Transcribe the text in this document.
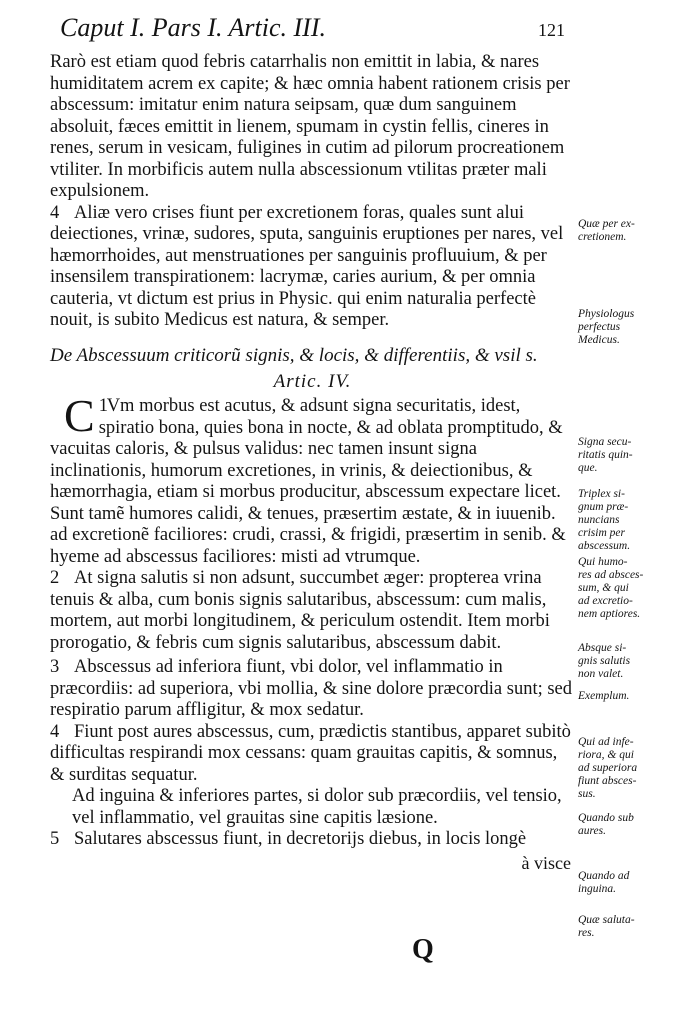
Caput I. Pars I. Artic. III.	121

Rarò est etiam quod febris catarrhalis non emittit in labia, & nares humiditatem acrem ex capite; & hæc omnia habent rationem crisis per abscessum: imitatur enim natura seipsam, quæ dum sanguinem absoluit, fæces emittit in lienem, spumam in cystin fellis, cineres in renes, serum in vesicam, fuligines in cutim ad pilorum procreationem vtiliter. In morbificis autem nulla abscessionum vtilitas præter mali expulsionem.

4 Aliæ vero crises fiunt per excretionem foras, quales sunt alui deiectiones, vrinæ, sudores, sputa, sanguinis eruptiones per nares, vel hæmorrhoides, aut menstruationes per sanguinis profluuium, & per insensilem transpirationem: lacrymæ, caries aurium, & per omnia cauteria, vt dictum est prius in Physic. qui enim naturalia perfectè nouit, is subito Medicus est natura, & semper.

De Abscessuum criticorũ signis, & locis, & differentiis, & vsil s.
Artic. IV.

1
C Vm morbus est acutus, & adsunt signa securitatis, idest, spiratio bona, quies bona in nocte, & ad oblata promptitudo, & vacuitas caloris, & pulsus validus: nec tamen insunt signa inclinationis, humorum excretiones, in vrinis, & deiectionibus, & hæmorrhagia, etiam si morbus producitur, abscessum expectare licet. Sunt tamẽ humores calidi, & tenues, præsertim æstate, & in iuuenib. ad excretionẽ faciliores: crudi, crassi, & frigidi, præsertim in senib. & hyeme ad abscessus faciliores: misti ad vtrumque.

2 At signa salutis si non adsunt, succumbet æger: propterea vrina tenuis & alba, cum bonis signis salutaribus, abscessum: cum malis, mortem, aut morbi longitudinem, & periculum ostendit. Item morbi prorogatio, & febris cum signis salutaribus, abscessum dabit.

3 Abscessus ad inferiora fiunt, vbi dolor, vel inflammatio in præcordiis: ad superiora, vbi mollia, & sine dolore præcordia sunt; sed respiratio parum affligitur, & mox sedatur.

4 Fiunt post aures abscessus, cum, prædictis stantibus, apparet subitò difficultas respirandi mox cessans: quam grauitas capitis, & somnus, & surditas sequatur.

Ad inguina & inferiores partes, si dolor sub præcordiis, vel tensio, vel inflammatio, vel grauitas sine capitis læsione.

5 Salutares abscessus fiunt, in decretorijs diebus, in locis longè

à visce
Q
Quæ per ex-
cretionem.
Physiologus
perfectus
Medicus.
Signa secu-
ritatis quin-
que.
Triplex si-
gnum præ-
nuncians
crisim per
abscessum.
Qui humo-
res ad absces-
sum, & qui
ad excretio-
nem aptiores.
Absque si-
gnis salutis
non valet.
Exemplum.
Qui ad infe-
riora, & qui
ad superiora
fiunt absces-
sus.
Quando sub
aures.
Quando ad
inguina.
Quæ saluta-
res.
